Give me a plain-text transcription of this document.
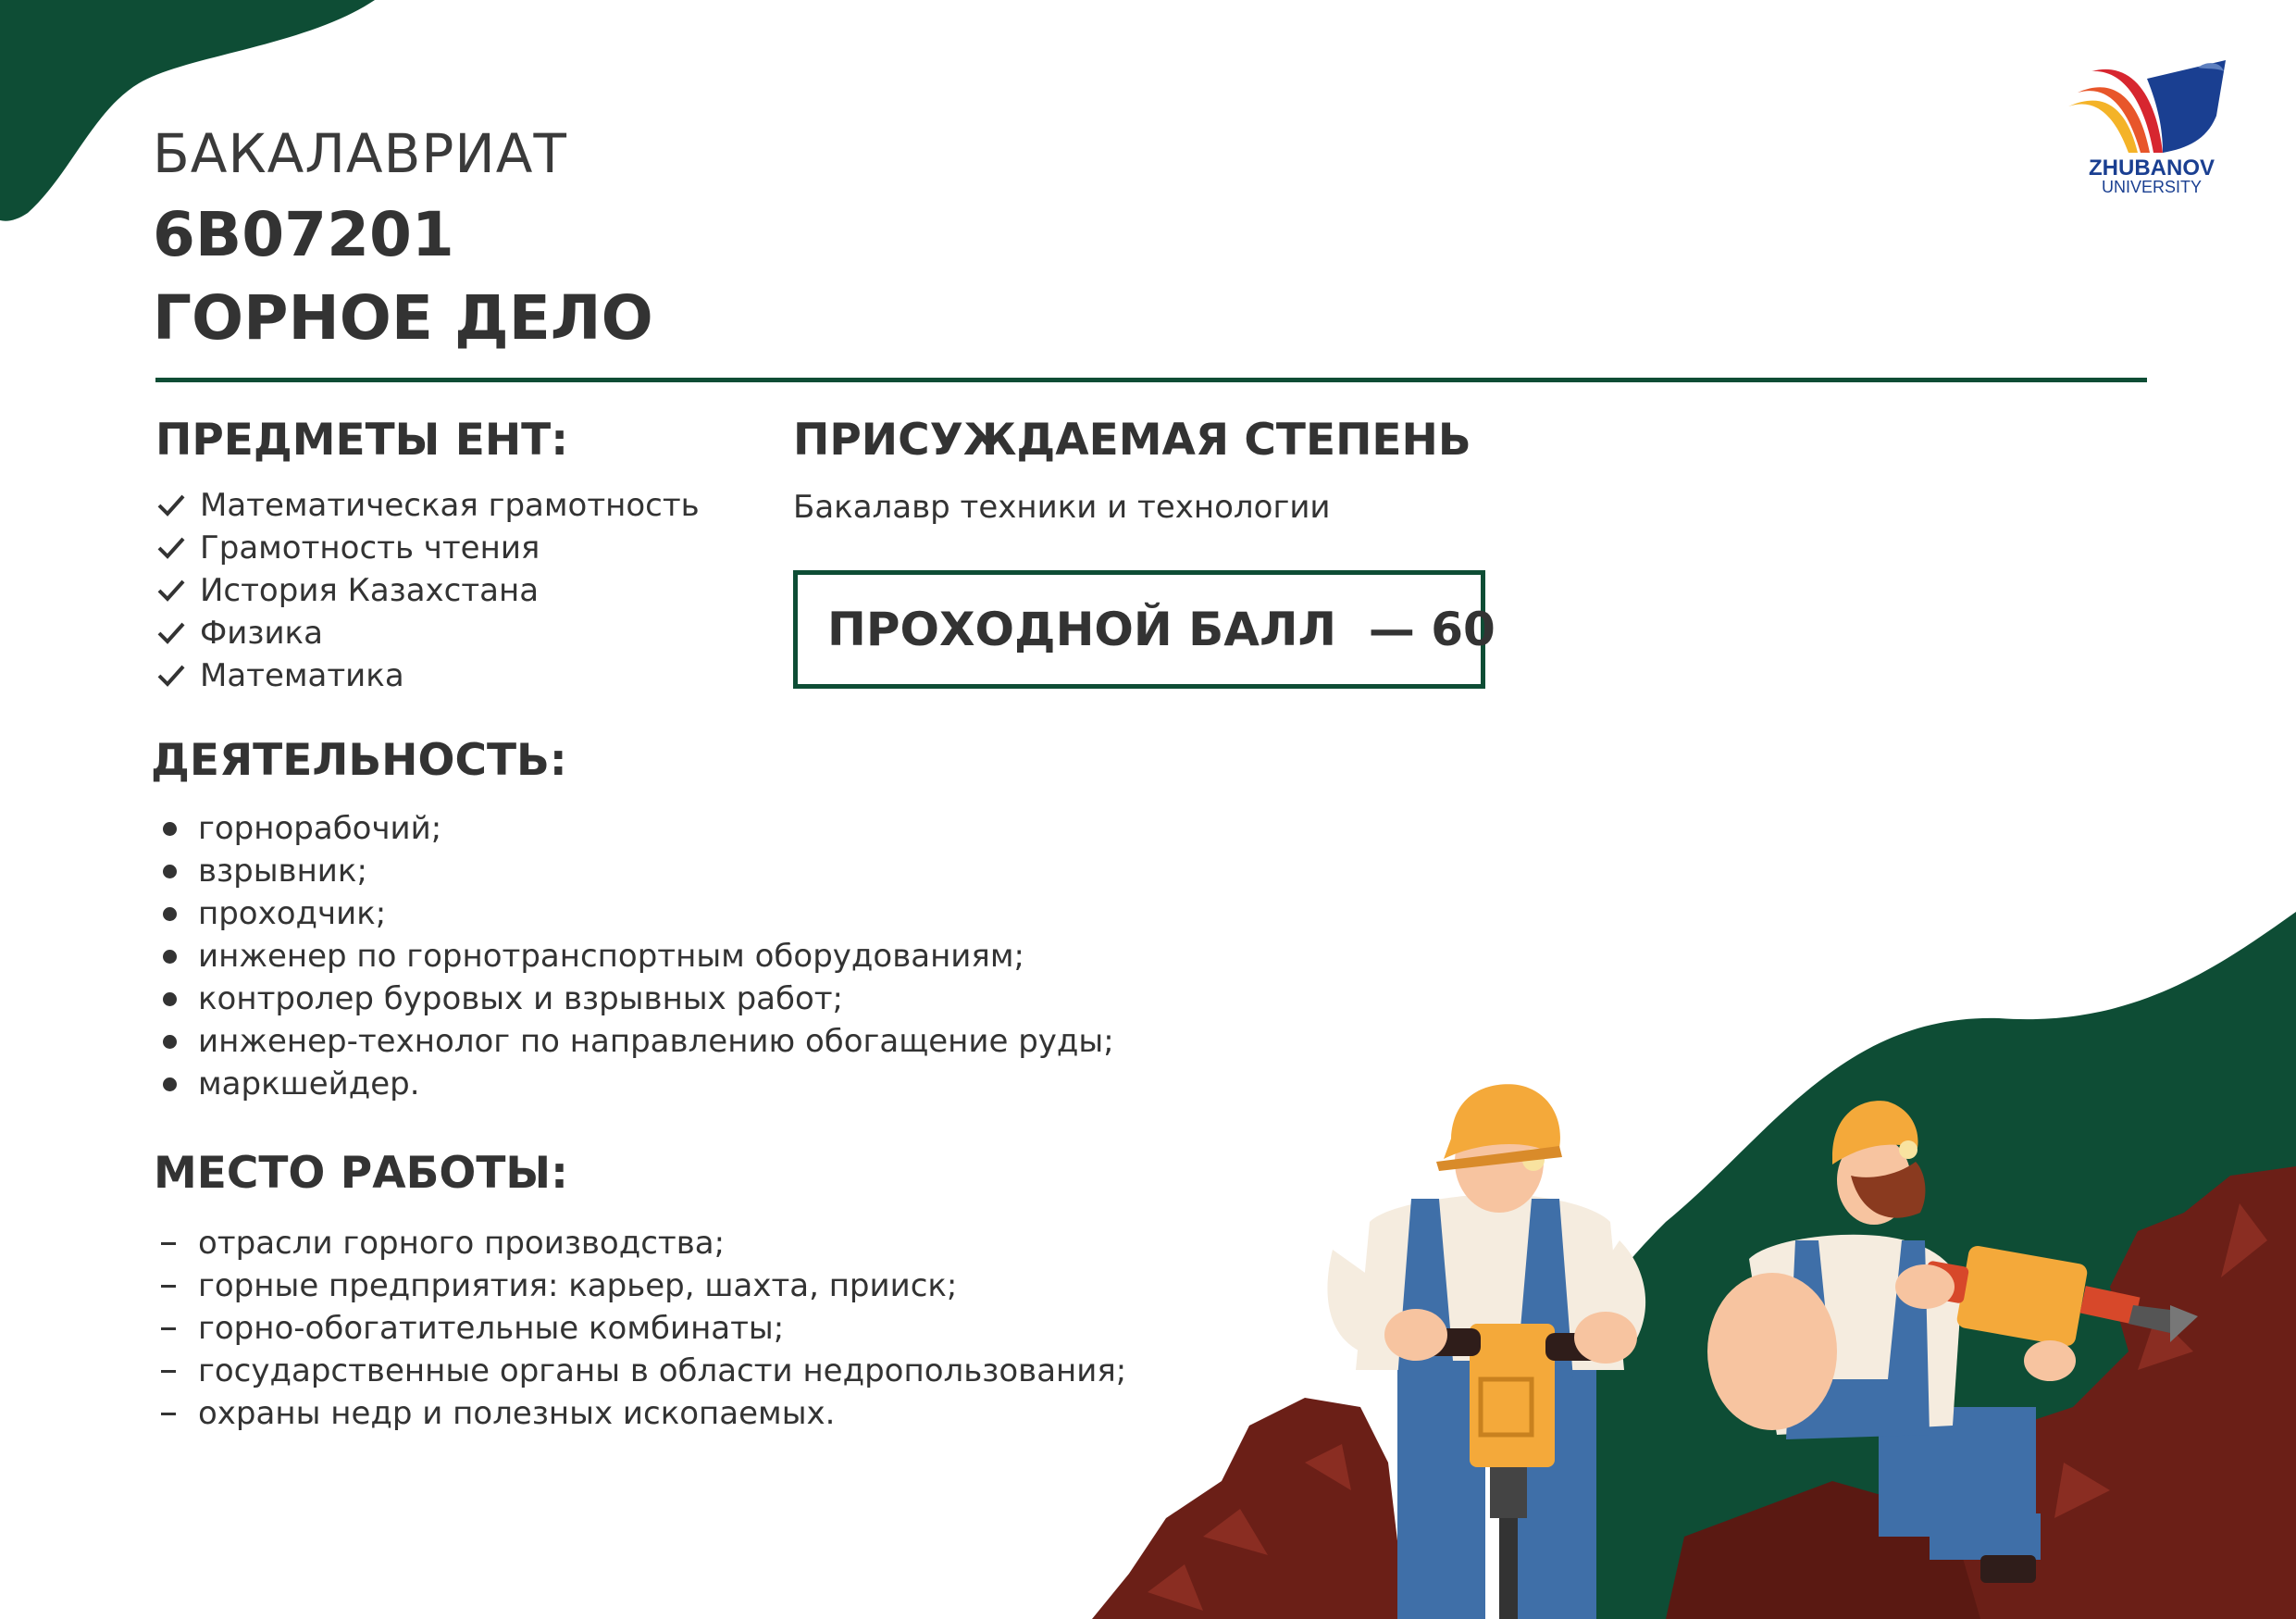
ZHUBANOV
UNIVERSITY
БАКАЛАВРИАТ
6B07201
ГОРНОЕ ДЕЛО
ПРЕДМЕТЫ ЕНТ:
Математическая грамотность
Грамотность чтения
История Казахстана
Физика
Математика
ПРИСУЖДАЕМАЯ СТЕПЕНЬ
Бакалавр техники и технологии
ПРОХОДНОЙ БАЛЛ  — 60
ДЕЯТЕЛЬНОСТЬ:
горнорабочий;
взрывник;
проходчик;
инженер по горнотранспортным оборудованиям;
контролер буровых и взрывных работ;
инженер-технолог по направлению обогащение руды;
маркшейдер.
МЕСТО РАБОТЫ:
отрасли горного производства;
горные предприятия: карьер, шахта, прииск;
горно-обогатительные комбинаты;
государственные органы в области недропользования;
охраны недр и полезных ископаемых.
